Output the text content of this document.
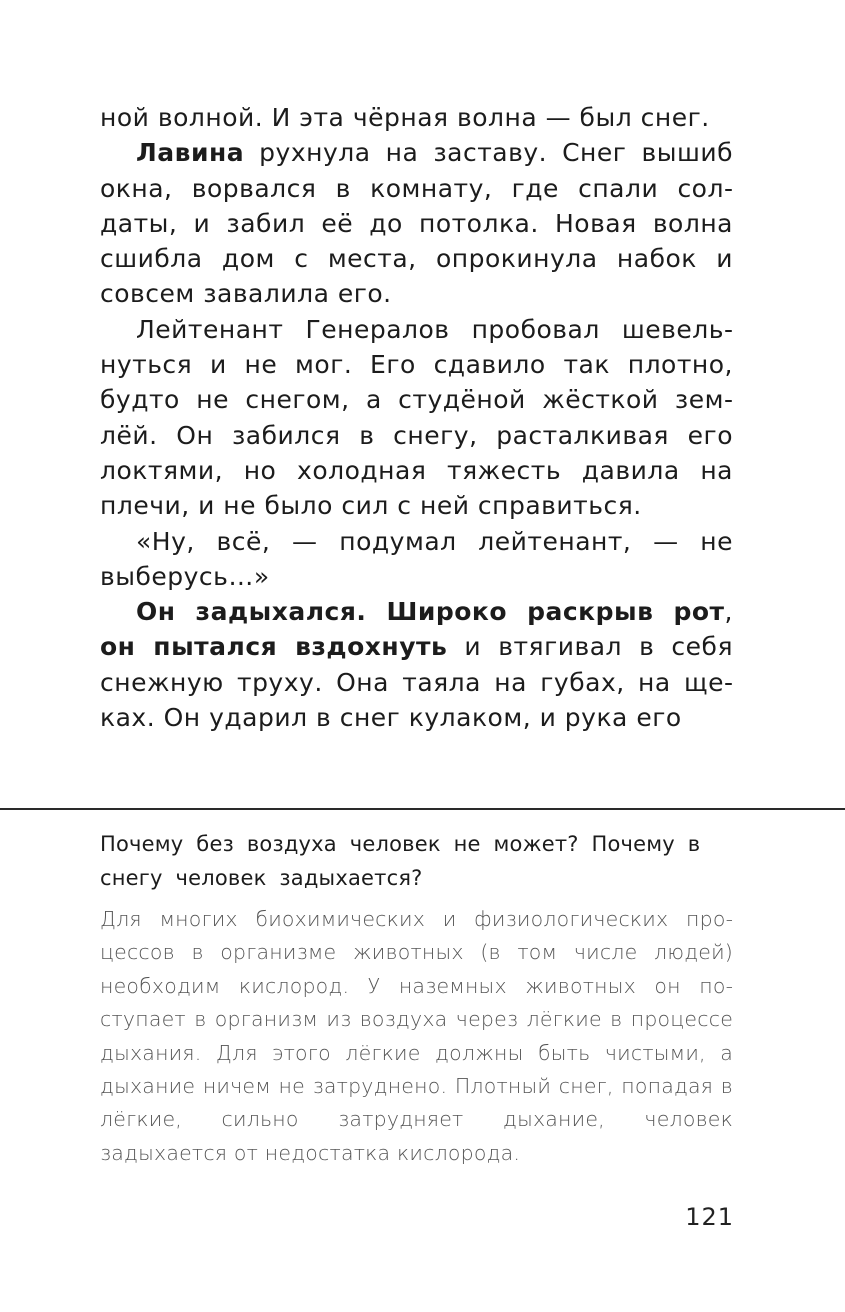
ной волной. И эта чёрная волна — был снег.

Лавина рухнула на заставу. Снег вышиб окна, ворвался в комнату, где спали солдаты, и забил её до потолка. Новая волна сшибла дом с места, опрокинула набок и совсем завалила его.

Лейтенант Генералов пробовал шевельнуться и не мог. Его сдавило так плотно, будто не снегом, а студёной жёсткой землёй. Он забился в снегу, расталкивая его локтями, но холодная тяжесть давила на плечи, и не было сил с ней справиться.

«Ну, всё, — подумал лейтенант, — не выберусь…»

Он задыхался. Широко раскрыв рот, он пытался вздохнуть и втягивал в себя снежную труху. Она таяла на губах, на щеках. Он ударил в снег кулаком, и рука его

Почему без воздуха человек не может? Почему в снегу человек задыхается?

Для многих биохимических и физиологических процессов в организме животных (в том числе людей) необходим кислород. У наземных животных он поступает в организм из воздуха через лёгкие в процессе дыхания. Для этого лёгкие должны быть чистыми, а дыхание ничем не затруднено. Плотный снег, попадая в лёгкие, сильно затрудняет дыхание, человек задыхается от недостатка кислорода.

121
